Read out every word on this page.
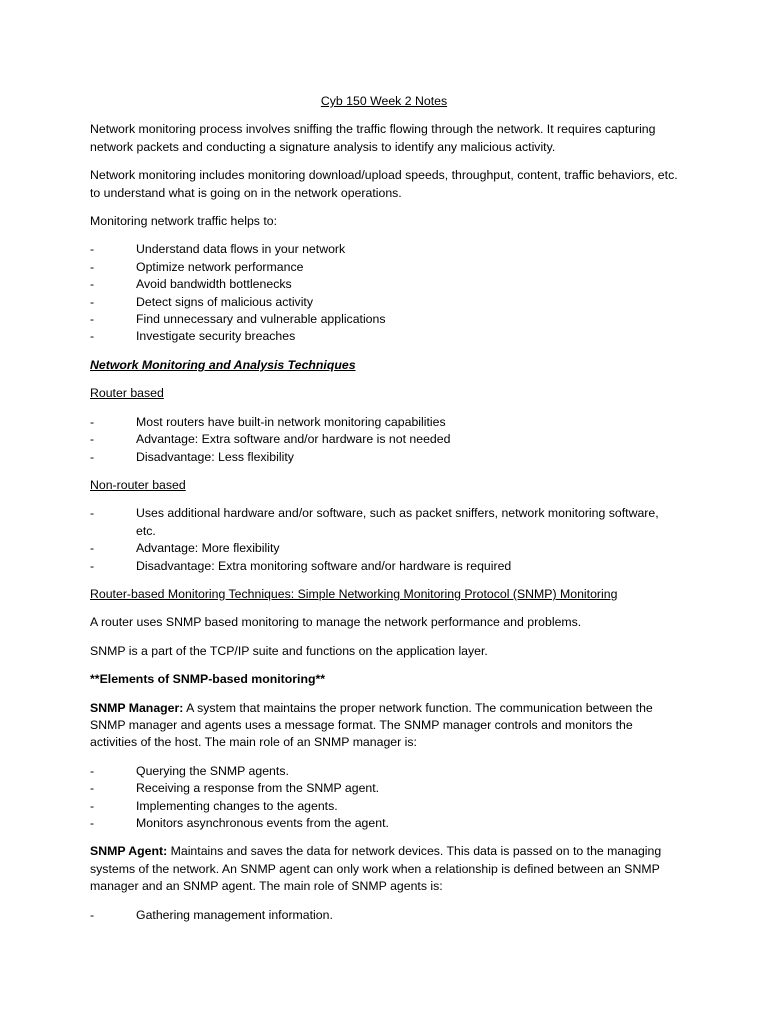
Cyb 150 Week 2 Notes

Network monitoring process involves sniffing the traffic flowing through the network. It requires capturing network packets and conducting a signature analysis to identify any malicious activity.

Network monitoring includes monitoring download/upload speeds, throughput, content, traffic behaviors, etc. to understand what is going on in the network operations.

Monitoring network traffic helps to:

- Understand data flows in your network
- Optimize network performance
- Avoid bandwidth bottlenecks
- Detect signs of malicious activity
- Find unnecessary and vulnerable applications
- Investigate security breaches
Network Monitoring and Analysis Techniques
Router based
- Most routers have built-in network monitoring capabilities
- Advantage: Extra software and/or hardware is not needed
- Disadvantage: Less flexibility
Non-router based
- Uses additional hardware and/or software, such as packet sniffers, network monitoring software, etc.
- Advantage: More flexibility
- Disadvantage: Extra monitoring software and/or hardware is required
Router-based Monitoring Techniques: Simple Networking Monitoring Protocol (SNMP) Monitoring

A router uses SNMP based monitoring to manage the network performance and problems.

SNMP is a part of the TCP/IP suite and functions on the application layer.

**Elements of SNMP-based monitoring**

SNMP Manager: A system that maintains the proper network function. The communication between the SNMP manager and agents uses a message format. The SNMP manager controls and monitors the activities of the host. The main role of an SNMP manager is:

- Querying the SNMP agents.
- Receiving a response from the SNMP agent.
- Implementing changes to the agents.
- Monitors asynchronous events from the agent.

SNMP Agent: Maintains and saves the data for network devices. This data is passed on to the managing systems of the network. An SNMP agent can only work when a relationship is defined between an SNMP manager and an SNMP agent. The main role of SNMP agents is:

- Gathering management information.
